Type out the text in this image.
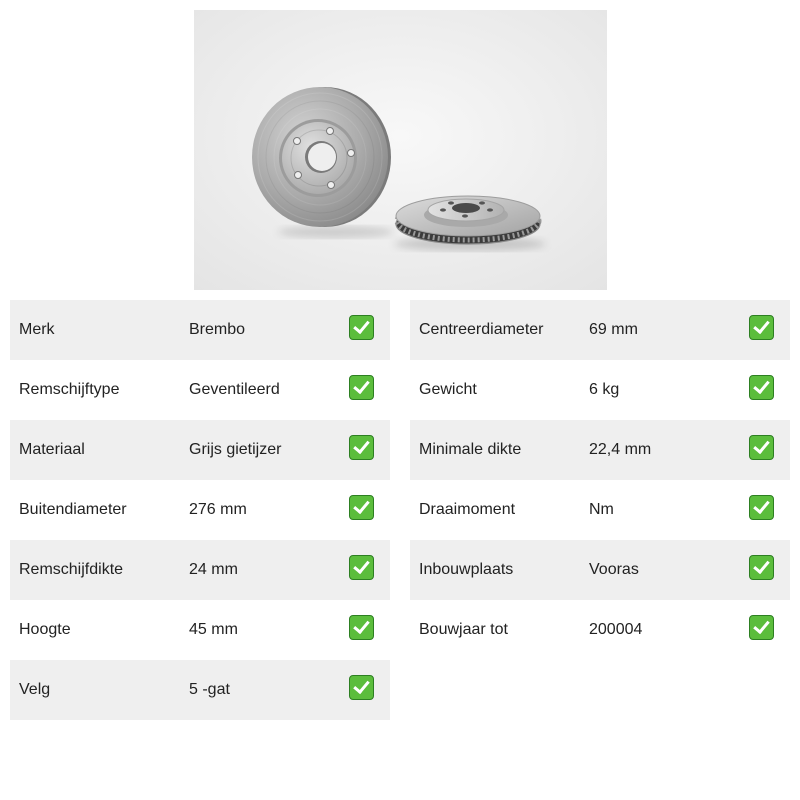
Merk	Brembo
Remschijftype	Geventileerd
Materiaal	Grijs gietijzer
Buitendiameter	276 mm
Remschijfdikte	24 mm
Hoogte	45 mm
Velg	5 -gat
Centreerdiameter	69 mm
Gewicht	6 kg
Minimale dikte	22,4 mm
Draaimoment	Nm
Inbouwplaats	Vooras
Bouwjaar tot	200004
